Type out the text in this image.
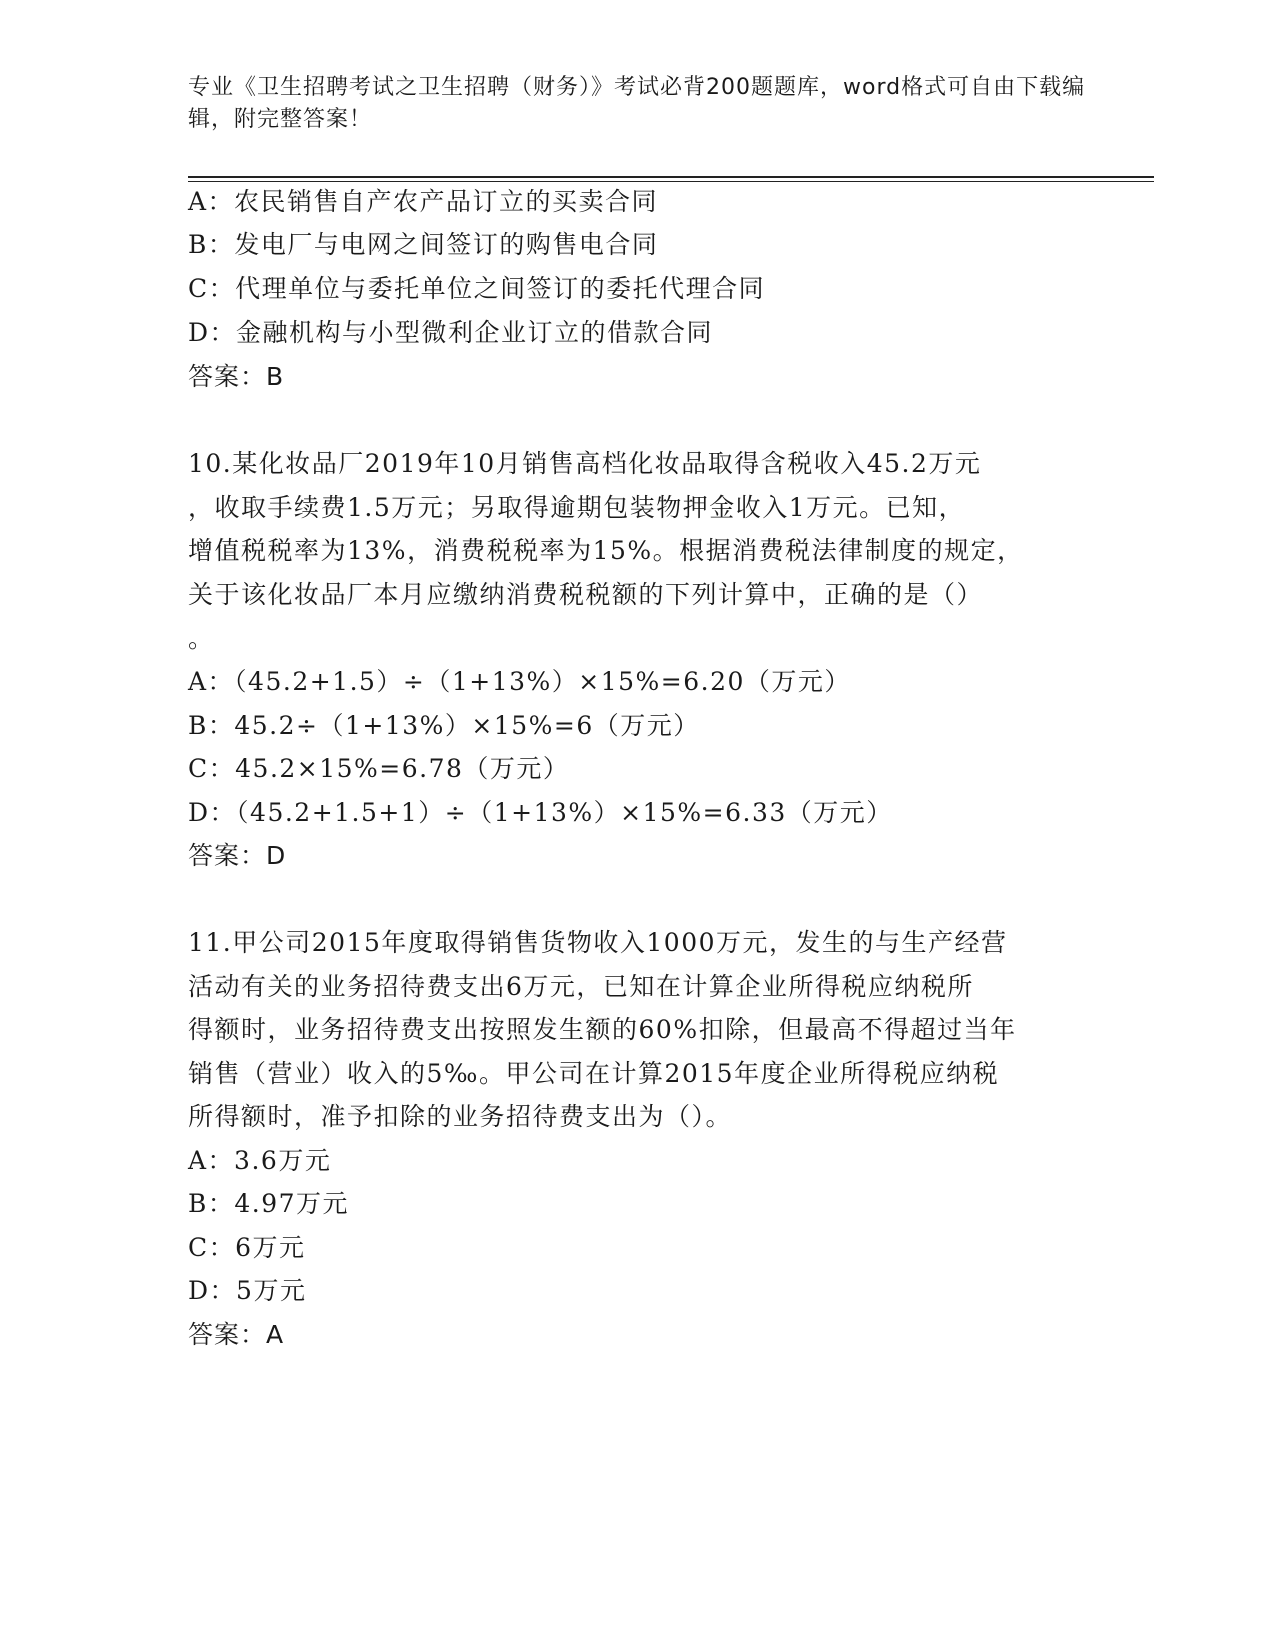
专业《卫生招聘考试之卫生招聘（财务）》考试必背200题题库，word格式可自由下载编辑，附完整答案！
A：农民销售自产农产品订立的买卖合同
B：发电厂与电网之间签订的购售电合同
C：代理单位与委托单位之间签订的委托代理合同
D：金融机构与小型微利企业订立的借款合同
答案：B
10.某化妆品厂2019年10月销售高档化妆品取得含税收入45.2万元
，收取手续费1.5万元；另取得逾期包装物押金收入1万元。已知，
增值税税率为13%，消费税税率为15%。根据消费税法律制度的规定，
关于该化妆品厂本月应缴纳消费税税额的下列计算中，正确的是（）
。
A：（45.2+1.5）÷（1+13%）×15%=6.20（万元）
B：45.2÷（1+13%）×15%=6（万元）
C：45.2×15%=6.78（万元）
D：（45.2+1.5+1）÷（1+13%）×15%=6.33（万元）
答案：D
11.甲公司2015年度取得销售货物收入1000万元，发生的与生产经营
活动有关的业务招待费支出6万元，已知在计算企业所得税应纳税所
得额时，业务招待费支出按照发生额的60%扣除，但最高不得超过当年
销售（营业）收入的5‰。甲公司在计算2015年度企业所得税应纳税
所得额时，准予扣除的业务招待费支出为（）。
A：3.6万元
B：4.97万元
C：6万元
D：5万元
答案：A
